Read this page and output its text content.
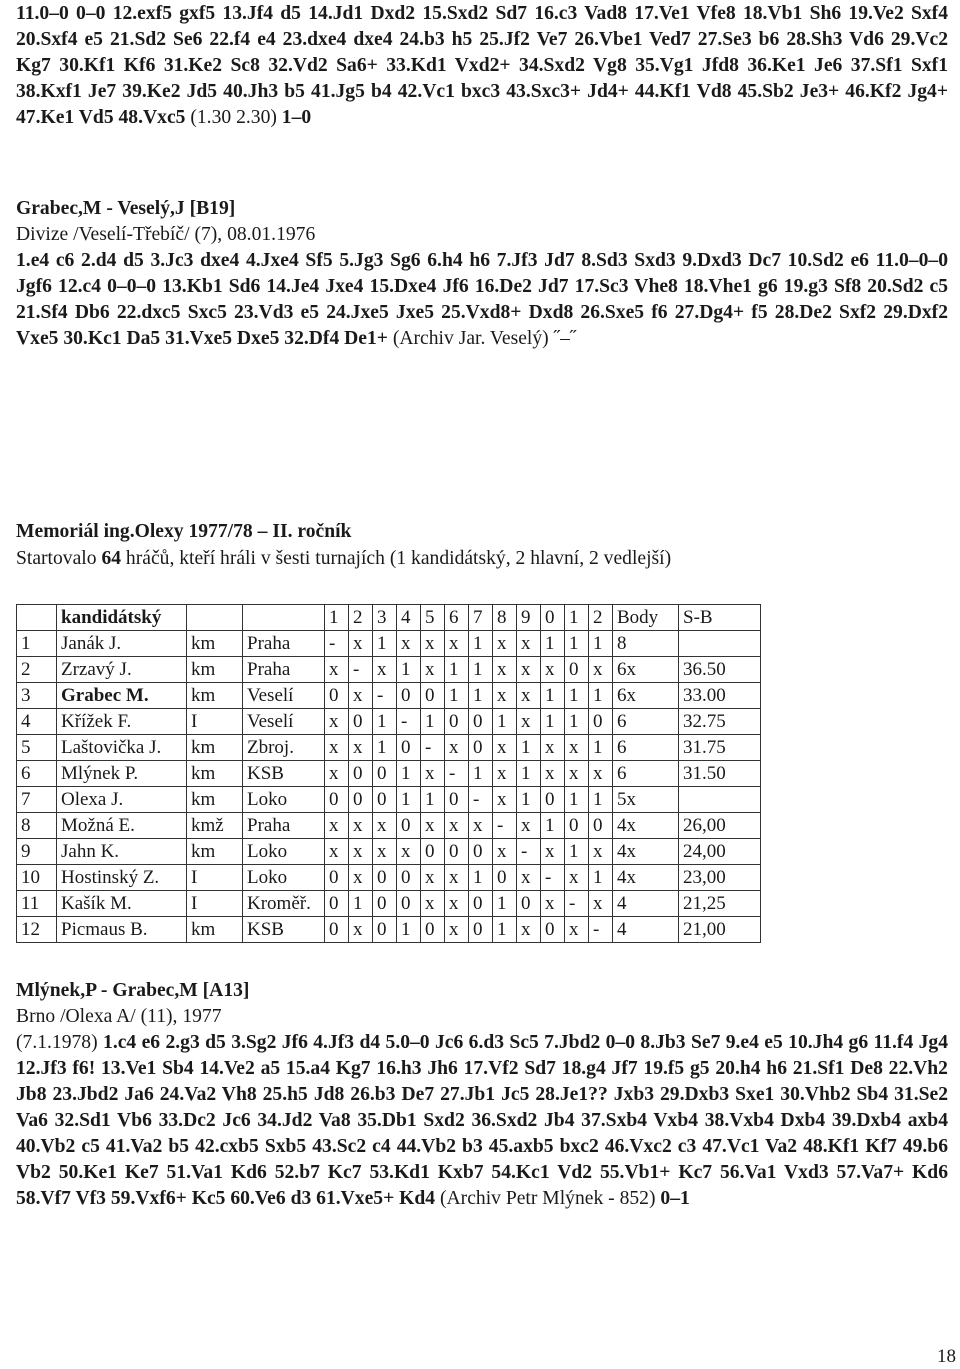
11.0–0 0–0 12.exf5 gxf5 13.Jf4 d5 14.Jd1 Dxd2 15.Sxd2 Sd7 16.c3 Vad8 17.Ve1 Vfe8 18.Vb1 Sh6 19.Ve2 Sxf4 20.Sxf4 e5 21.Sd2 Se6 22.f4 e4 23.dxe4 dxe4 24.b3 h5 25.Jf2 Ve7 26.Vbe1 Ved7 27.Se3 b6 28.Sh3 Vd6 29.Vc2 Kg7 30.Kf1 Kf6 31.Ke2 Sc8 32.Vd2 Sa6+ 33.Kd1 Vxd2+ 34.Sxd2 Vg8 35.Vg1 Jfd8 36.Ke1 Je6 37.Sf1 Sxf1 38.Kxf1 Je7 39.Ke2 Jd5 40.Jh3 b5 41.Jg5 b4 42.Vc1 bxc3 43.Sxc3+ Jd4+ 44.Kf1 Vd8 45.Sb2 Je3+ 46.Kf2 Jg4+ 47.Ke1 Vd5 48.Vxc5 (1.30 2.30) 1–0

Grabec,M - Veselý,J [B19]

Divize /Veselí-Třebíč/ (7), 08.01.1976

1.e4 c6 2.d4 d5 3.Jc3 dxe4 4.Jxe4 Sf5 5.Jg3 Sg6 6.h4 h6 7.Jf3 Jd7 8.Sd3 Sxd3 9.Dxd3 Dc7 10.Sd2 e6 11.0–0–0 Jgf6 12.c4 0–0–0 13.Kb1 Sd6 14.Je4 Jxe4 15.Dxe4 Jf6 16.De2 Jd7 17.Sc3 Vhe8 18.Vhe1 g6 19.g3 Sf8 20.Sd2 c5 21.Sf4 Db6 22.dxc5 Sxc5 23.Vd3 e5 24.Jxe5 Jxe5 25.Vxd8+ Dxd8 26.Sxe5 f6 27.Dg4+ f5 28.De2 Sxf2 29.Dxf2 Vxe5 30.Kc1 Da5 31.Vxe5 Dxe5 32.Df4 De1+ (Archiv Jar. Veselý) ˝–˝

Memoriál ing.Olexy 1977/78 – II. ročník

Startovalo 64 hráčů, kteří hráli v šesti turnajích (1 kandidátský, 2 hlavní, 2 vedlejší)

	kandidátský			1	2	3	4	5	6	7	8	9	0	1	2	Body	S-B
1	Janák J.	km	Praha	-	x	1	x	x	x	1	x	x	1	1	1	8	
2	Zrzavý J.	km	Praha	x	-	x	1	x	1	1	x	x	x	0	x	6x	36.50
3	Grabec M.	km	Veselí	0	x	-	0	0	1	1	x	x	1	1	1	6x	33.00
4	Křížek F.	I	Veselí	x	0	1	-	1	0	0	1	x	1	1	0	6	32.75
5	Laštovička J.	km	Zbroj.	x	x	1	0	-	x	0	x	1	x	x	1	6	31.75
6	Mlýnek P.	km	KSB	x	0	0	1	x	-	1	x	1	x	x	x	6	31.50
7	Olexa J.	km	Loko	0	0	0	1	1	0	-	x	1	0	1	1	5x	
8	Možná E.	kmž	Praha	x	x	x	0	x	x	x	-	x	1	0	0	4x	26,00
9	Jahn K.	km	Loko	x	x	x	x	0	0	0	x	-	x	1	x	4x	24,00
10	Hostinský Z.	I	Loko	0	x	0	0	x	x	1	0	x	-	x	1	4x	23,00
11	Kašík M.	I	Kroměř.	0	1	0	0	x	x	0	1	0	x	-	x	4	21,25
12	Picmaus B.	km	KSB	0	x	0	1	0	x	0	1	x	0	x	-	4	21,00

Mlýnek,P - Grabec,M [A13]

Brno /Olexa A/ (11), 1977

(7.1.1978) 1.c4 e6 2.g3 d5 3.Sg2 Jf6 4.Jf3 d4 5.0–0 Jc6 6.d3 Sc5 7.Jbd2 0–0 8.Jb3 Se7 9.e4 e5 10.Jh4 g6 11.f4 Jg4 12.Jf3 f6! 13.Ve1 Sb4 14.Ve2 a5 15.a4 Kg7 16.h3 Jh6 17.Vf2 Sd7 18.g4 Jf7 19.f5 g5 20.h4 h6 21.Sf1 De8 22.Vh2 Jb8 23.Jbd2 Ja6 24.Va2 Vh8 25.h5 Jd8 26.b3 De7 27.Jb1 Jc5 28.Je1?? Jxb3 29.Dxb3 Sxe1 30.Vhb2 Sb4 31.Se2 Va6 32.Sd1 Vb6 33.Dc2 Jc6 34.Jd2 Va8 35.Db1 Sxd2 36.Sxd2 Jb4 37.Sxb4 Vxb4 38.Vxb4 Dxb4 39.Dxb4 axb4 40.Vb2 c5 41.Va2 b5 42.cxb5 Sxb5 43.Sc2 c4 44.Vb2 b3 45.axb5 bxc2 46.Vxc2 c3 47.Vc1 Va2 48.Kf1 Kf7 49.b6 Vb2 50.Ke1 Ke7 51.Va1 Kd6 52.b7 Kc7 53.Kd1 Kxb7 54.Kc1 Vd2 55.Vb1+ Kc7 56.Va1 Vxd3 57.Va7+ Kd6 58.Vf7 Vf3 59.Vxf6+ Kc5 60.Ve6 d3 61.Vxe5+ Kd4 (Archiv Petr Mlýnek - 852) 0–1

18
